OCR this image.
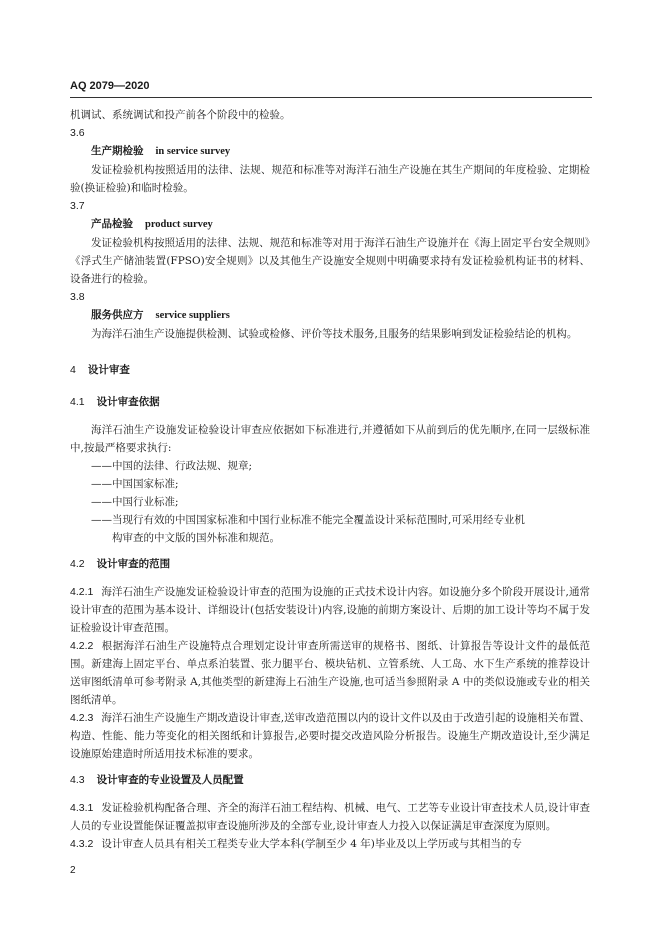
AQ 2079—2020

机调试、系统调试和投产前各个阶段中的检验。

3.6

生产期检验 in service survey

发证检验机构按照适用的法律、法规、规范和标准等对海洋石油生产设施在其生产期间的年度检验、定期检验(换证检验)和临时检验。

3.7

产品检验 product survey

发证检验机构按照适用的法律、法规、规范和标准等对用于海洋石油生产设施并在《海上固定平台安全规则》《浮式生产储油装置(FPSO)安全规则》以及其他生产设施安全规则中明确要求持有发证检验机构证书的材料、设备进行的检验。

3.8

服务供应方 service suppliers

为海洋石油生产设施提供检测、试验或检修、评价等技术服务,且服务的结果影响到发证检验结论的机构。

4 设计审查

4.1 设计审查依据

海洋石油生产设施发证检验设计审查应依据如下标准进行,并遵循如下从前到后的优先顺序,在同一层级标准中,按最严格要求执行:

——中国的法律、行政法规、规章;

——中国国家标准;

——中国行业标准;

——当现行有效的中国国家标准和中国行业标准不能完全覆盖设计采标范围时,可采用经专业机

构审查的中文版的国外标准和规范。

4.2 设计审查的范围

4.2.1 海洋石油生产设施发证检验设计审查的范围为设施的正式技术设计内容。如设施分多个阶段开展设计,通常设计审查的范围为基本设计、详细设计(包括安装设计)内容,设施的前期方案设计、后期的加工设计等均不属于发证检验设计审查范围。

4.2.2 根据海洋石油生产设施特点合理划定设计审查所需送审的规格书、图纸、计算报告等设计文件的最低范围。新建海上固定平台、单点系泊装置、张力腿平台、模块钻机、立管系统、人工岛、水下生产系统的推荐设计送审图纸清单可参考附录 A,其他类型的新建海上石油生产设施,也可适当参照附录 A 中的类似设施或专业的相关图纸清单。

4.2.3 海洋石油生产设施生产期改造设计审查,送审改造范围以内的设计文件以及由于改造引起的设施相关布置、构造、性能、能力等变化的相关图纸和计算报告,必要时提交改造风险分析报告。设施生产期改造设计,至少满足设施原始建造时所适用技术标准的要求。

4.3 设计审查的专业设置及人员配置

4.3.1 发证检验机构配备合理、齐全的海洋石油工程结构、机械、电气、工艺等专业设计审查技术人员,设计审查人员的专业设置能保证覆盖拟审查设施所涉及的全部专业,设计审查人力投入以保证满足审查深度为原则。

4.3.2 设计审查人员具有相关工程类专业大学本科(学制至少 4 年)毕业及以上学历或与其相当的专

2
